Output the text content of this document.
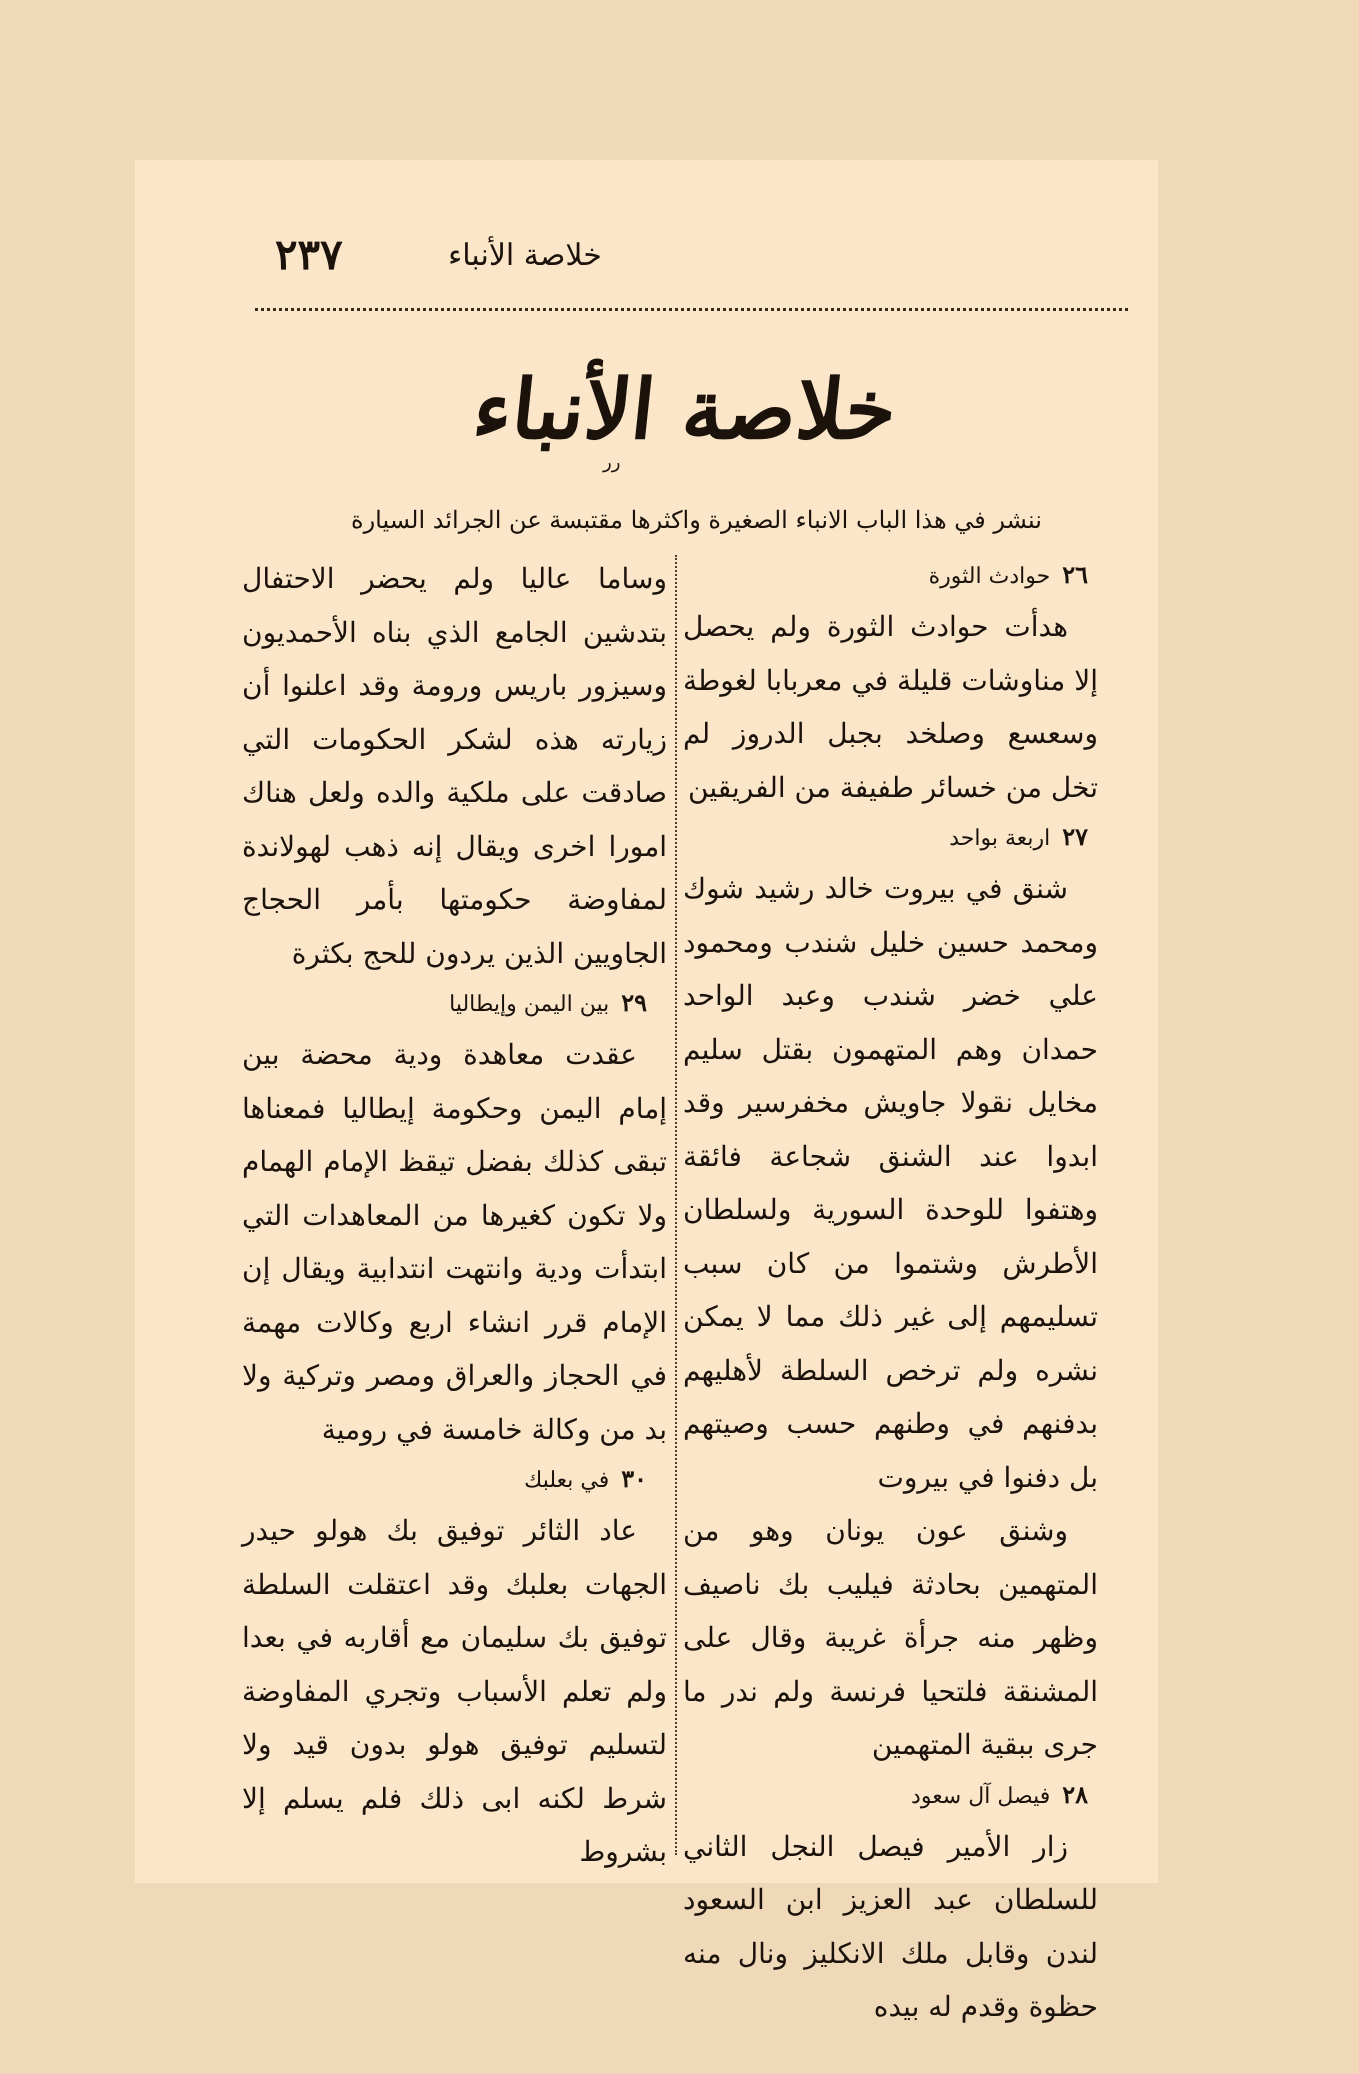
٢٣٧	خلاصة الأنباء
خلاصة الأنباء
ﺭﺭ
ننشر في هذا الباب الانباء الصغيرة واكثرها مقتبسة عن الجرائد السيارة
٢٦حوادث الثورة

هدأت حوادث الثورة ولم يحصل إلا مناوشات قليلة في معربابا لغوطة وسعسع وصلخد بجبل الدروز لم تخل من خسائر طفيفة من الفريقين

٢٧اربعة بواحد

شنق في بيروت خالد رشيد شوك ومحمد حسين خليل شندب ومحمود علي خضر شندب وعبد الواحد حمدان وهم المتهمون بقتل سليم مخايل نقولا جاويش مخفرسير وقد ابدوا عند الشنق شجاعة فائقة وهتفوا للوحدة السورية ولسلطان الأطرش وشتموا من كان سبب تسليمهم إلى غير ذلك مما لا يمكن نشره ولم ترخص السلطة لأهليهم بدفنهم في وطنهم حسب وصيتهم بل دفنوا في بيروت

وشنق عون يونان وهو من المتهمين بحادثة فيليب بك ناصيف وظهر منه جرأة غريبة وقال على المشنقة فلتحيا فرنسة ولم ندر ما جرى ببقية المتهمين

٢٨فيصل آل سعود

زار الأمير فيصل النجل الثاني للسلطان عبد العزيز ابن السعود لندن وقابل ملك الانكليز ونال منه حظوة وقدم له بيده

وساما عاليا ولم يحضر الاحتفال بتدشين الجامع الذي بناه الأحمديون وسيزور باريس ورومة وقد اعلنوا أن زيارته هذه لشكر الحكومات التي صادقت على ملكية والده ولعل هناك امورا اخرى ويقال إنه ذهب لهولاندة لمفاوضة حكومتها بأمر الحجاج الجاويين الذين يردون للحج بكثرة

٢٩بين اليمن وإيطاليا

عقدت معاهدة ودية محضة بين إمام اليمن وحكومة إيطاليا فمعناها تبقى كذلك بفضل تيقظ الإمام الهمام ولا تكون كغيرها من المعاهدات التي ابتدأت ودية وانتهت انتدابية ويقال إن الإمام قرر انشاء اربع وكالات مهمة في الحجاز والعراق ومصر وتركية ولا بد من وكالة خامسة في رومية

٣٠في بعلبك

عاد الثائر توفيق بك هولو حيدر الجهات بعلبك وقد اعتقلت السلطة توفيق بك سليمان مع أقاربه في بعدا ولم تعلم الأسباب وتجري المفاوضة لتسليم توفيق هولو بدون قيد ولا شرط لكنه ابى ذلك فلم يسلم إلا بشروط
